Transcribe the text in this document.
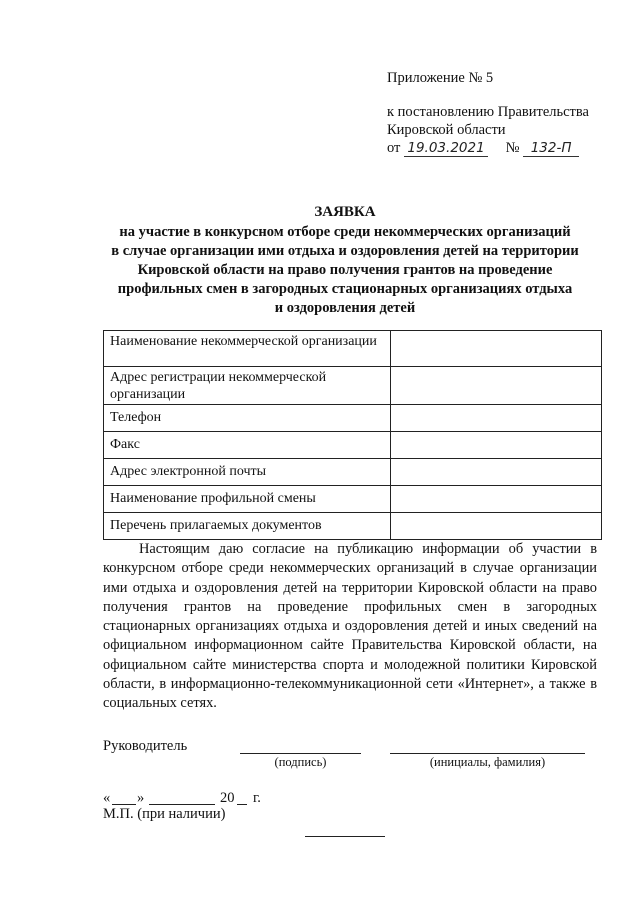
Приложение № 5
к постановлению Правительства
Кировской области
от 19.03.2021 № 132-П
ЗАЯВКА
на участие в конкурсном отборе среди некоммерческих организаций
в случае организации ими отдыха и оздоровления детей на территории
Кировской области на право получения грантов на проведение
профильных смен в загородных стационарных организациях отдыха
и оздоровления детей
Наименование некоммерческой организации	
Адрес регистрации некоммерческой организации	
Телефон	
Факс	
Адрес электронной почты	
Наименование профильной смены	
Перечень прилагаемых документов	

Настоящим даю согласие на публикацию информации об участии в конкурсном отборе среди некоммерческих организаций в случае организации ими отдыха и оздоровления детей на территории Кировской области на право получения грантов на проведение профильных смен в загородных стационарных организациях отдыха и оздоровления детей и иных сведений на официальном информационном сайте Правительства Кировской области, на официальном сайте министерства спорта и молодежной политики Кировской области, в информационно-телекоммуникационной сети «Интернет», а также в социальных сетях.

Руководитель
(подпись)	(инициалы, фамилия)
« »	20 г.
М.П. (при наличии)
